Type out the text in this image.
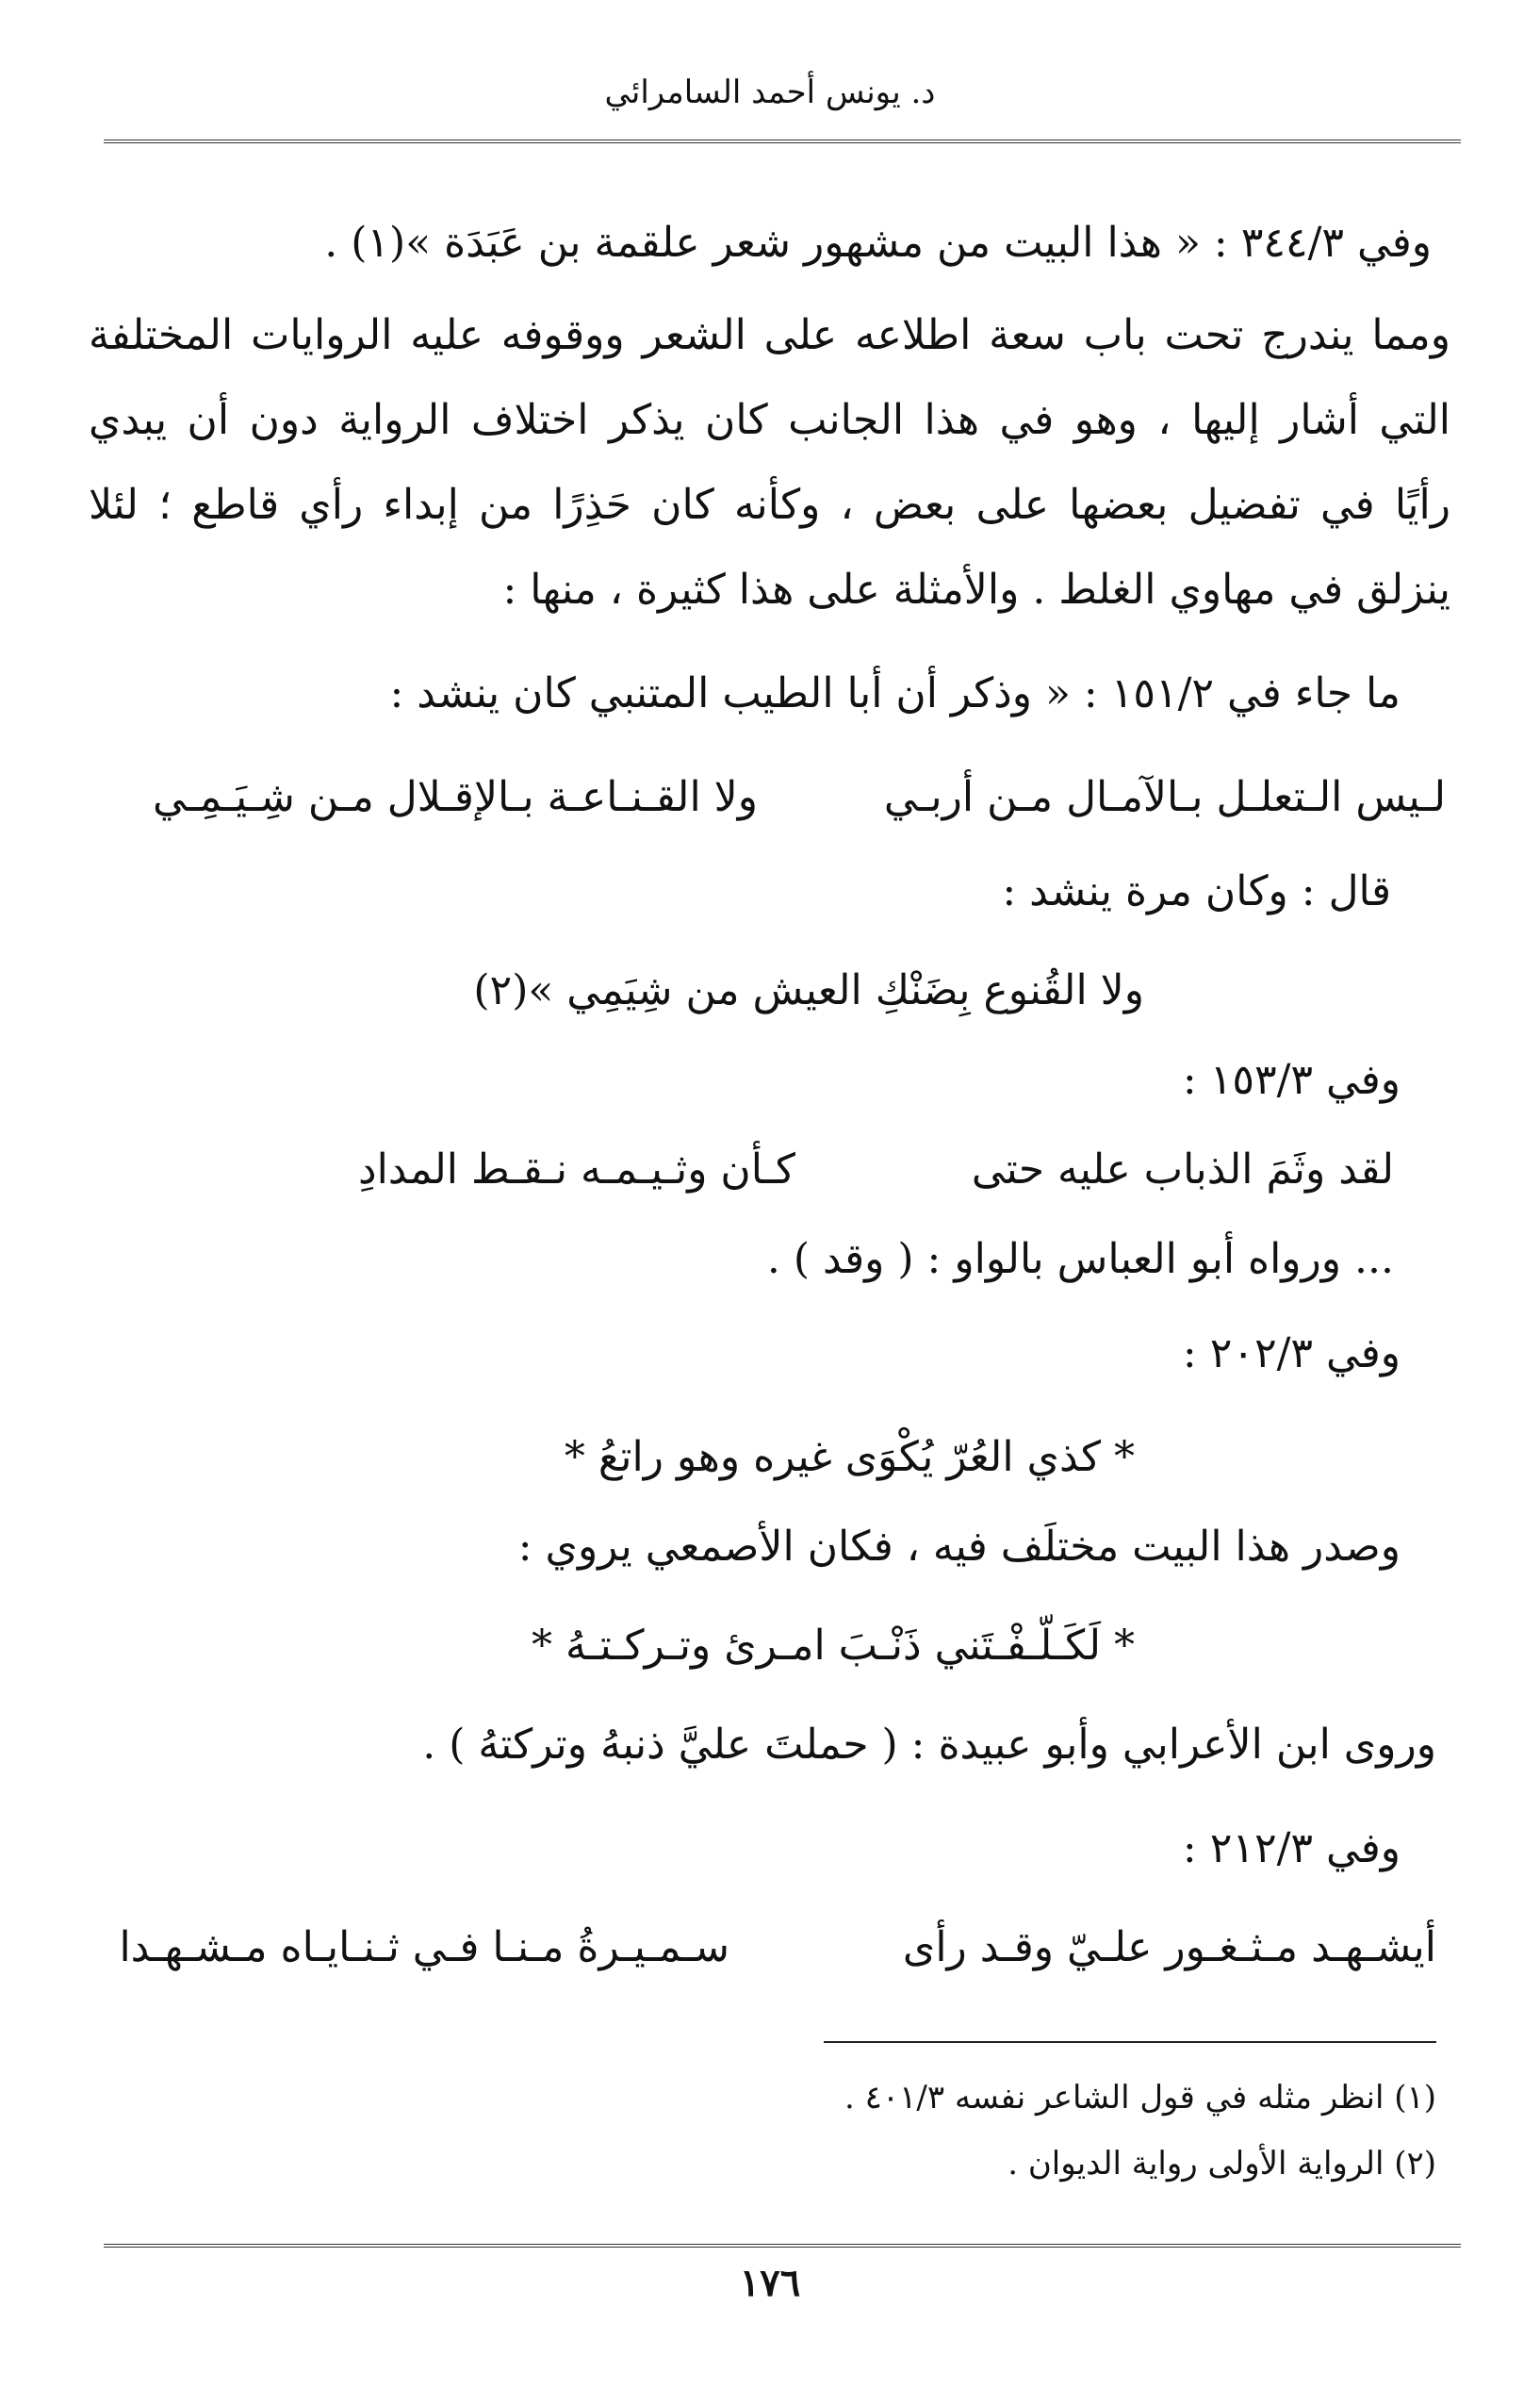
د. يونس أحمد السامرائي
وفي ٣٤٤/٣ : « هذا البيت من مشهور شعر علقمة بن عَبَدَة »(١) .
ومما يندرج تحت باب سعة اطلاعه على الشعر ووقوفه عليه الروايات المختلفة
التي أشار إليها ، وهو في هذا الجانب كان يذكر اختلاف الرواية دون أن يبدي
رأيًا في تفضيل بعضها على بعض ، وكأنه كان حَذِرًا من إبداء رأي قاطع ؛ لئلا
ينزلق في مهاوي الغلط . والأمثلة على هذا كثيرة ، منها :
ما جاء في ١٥١/٢ : « وذكر أن أبا الطيب المتنبي كان ينشد :
لـيس الـتعلـل بـالآمـال مـن أربـي
ولا القـنـاعـة بـالإقـلال مـن شِـيَـمِـي
قال : وكان مرة ينشد :
ولا القُنوع بِضَنْكِ العيش من شِيَمِي »(٢)
وفي ١٥٣/٣ :
لقد وثَمَ الذباب عليه حتى
كـأن وثـيـمـه نـقـط المدادِ
... ورواه أبو العباس بالواو : ( وقد ) .
وفي ٢٠٢/٣ :
* كذي العُرّ يُكْوَى غيره وهو راتعُ *
وصدر هذا البيت مختلَف فيه ، فكان الأصمعي يروي :
* لَكَـلّـفْـتَني ذَنْـبَ امـرئ وتـركـتـهُ *
وروى ابن الأعرابي وأبو عبيدة : ( حملتَ عليَّ ذنبهُ وتركتهُ ) .
وفي ٢١٢/٣ :
أيشـهـد مـثـغـور علـيّ وقـد رأى
سـمـيـرةُ مـنـا فـي ثـنـايـاه مـشـهـدا
(١) انظر مثله في قول الشاعر نفسه ٤٠١/٣ .
(٢) الرواية الأولى رواية الديوان .
١٧٦
